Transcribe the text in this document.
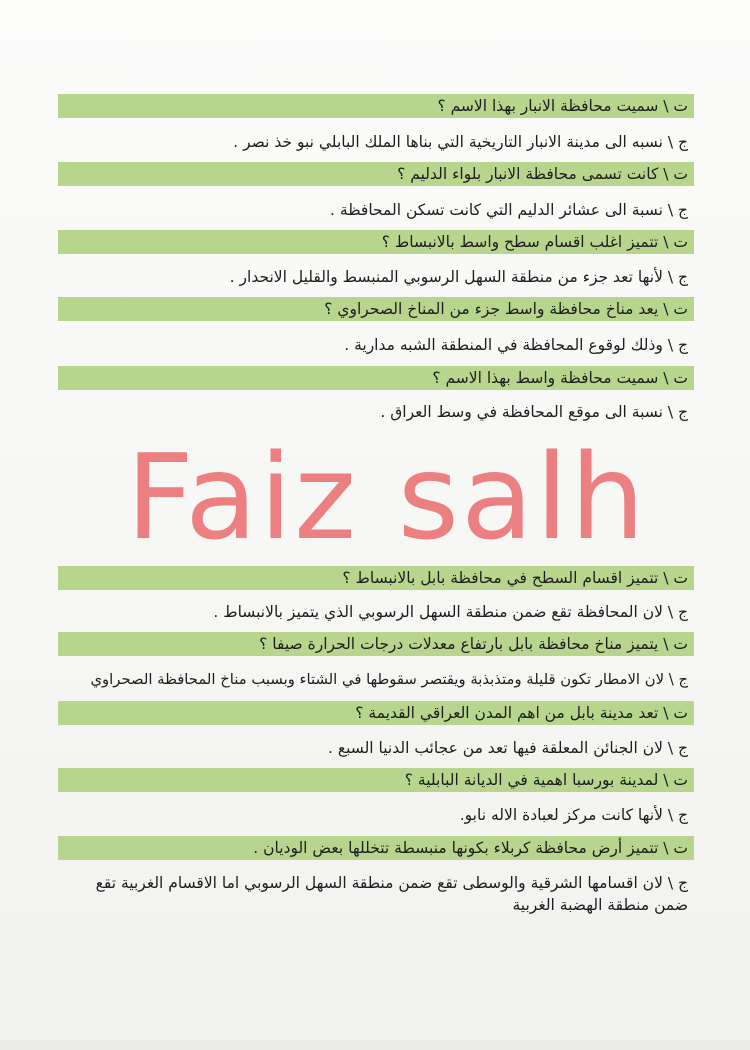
ت \ سميت محافظة الانبار بهذا الاسم ؟
ج \ نسبه الى مدينة الانبار التاريخية التي بناها الملك البابلي نبو خذ نصر .
ت \ كانت تسمى محافظة الانبار بلواء الدليم ؟
ج \ نسبة الى عشائر الدليم التي كانت تسكن المحافظة .
ت \ تتميز اغلب اقسام سطح واسط بالانبساط ؟
ج \ لأنها تعد جزء من منطقة السهل الرسوبي المنبسط والقليل الانحدار .
ت \ يعد مناخ محافظة واسط جزء من المناخ الصحراوي ؟
ج \ وذلك لوقوع المحافظة في المنطقة الشبه مدارية .
ت \ سميت محافظة واسط بهذا الاسم ؟
ج \ نسبة الى موقع المحافظة في وسط العراق .
Faiz salh
ت \ تتميز اقسام السطح في محافظة بابل بالانبساط ؟
ج \ لان المحافظة تقع ضمن منطقة السهل الرسوبي الذي يتميز بالانبساط .
ت \ يتميز مناخ محافظة بابل بارتفاع معدلات درجات الحرارة صيفا ؟
ج \ لان الامطار تكون قليلة ومتذبذبة ويقتصر سقوطها في الشتاء وبسبب مناخ المحافظة الصحراوي
ت \ تعد مدينة بابل من اهم المدن العراقي القديمة ؟
ج \ لان الجنائن المعلقة فيها تعد من عجائب الدنيا السبع .
ت \ لمدينة بورسبا اهمية في الديانة البابلية ؟
ج \ لأنها كانت مركز لعبادة الاله نابو.
ت \ تتميز أرض محافظة كربلاء بكونها منبسطة تتخللها بعض الوديان .
ج \ لان اقسامها الشرقية والوسطى تقع ضمن منطقة السهل الرسوبي اما الاقسام الغربية تقع ضمن منطقة الهضبة الغربية
